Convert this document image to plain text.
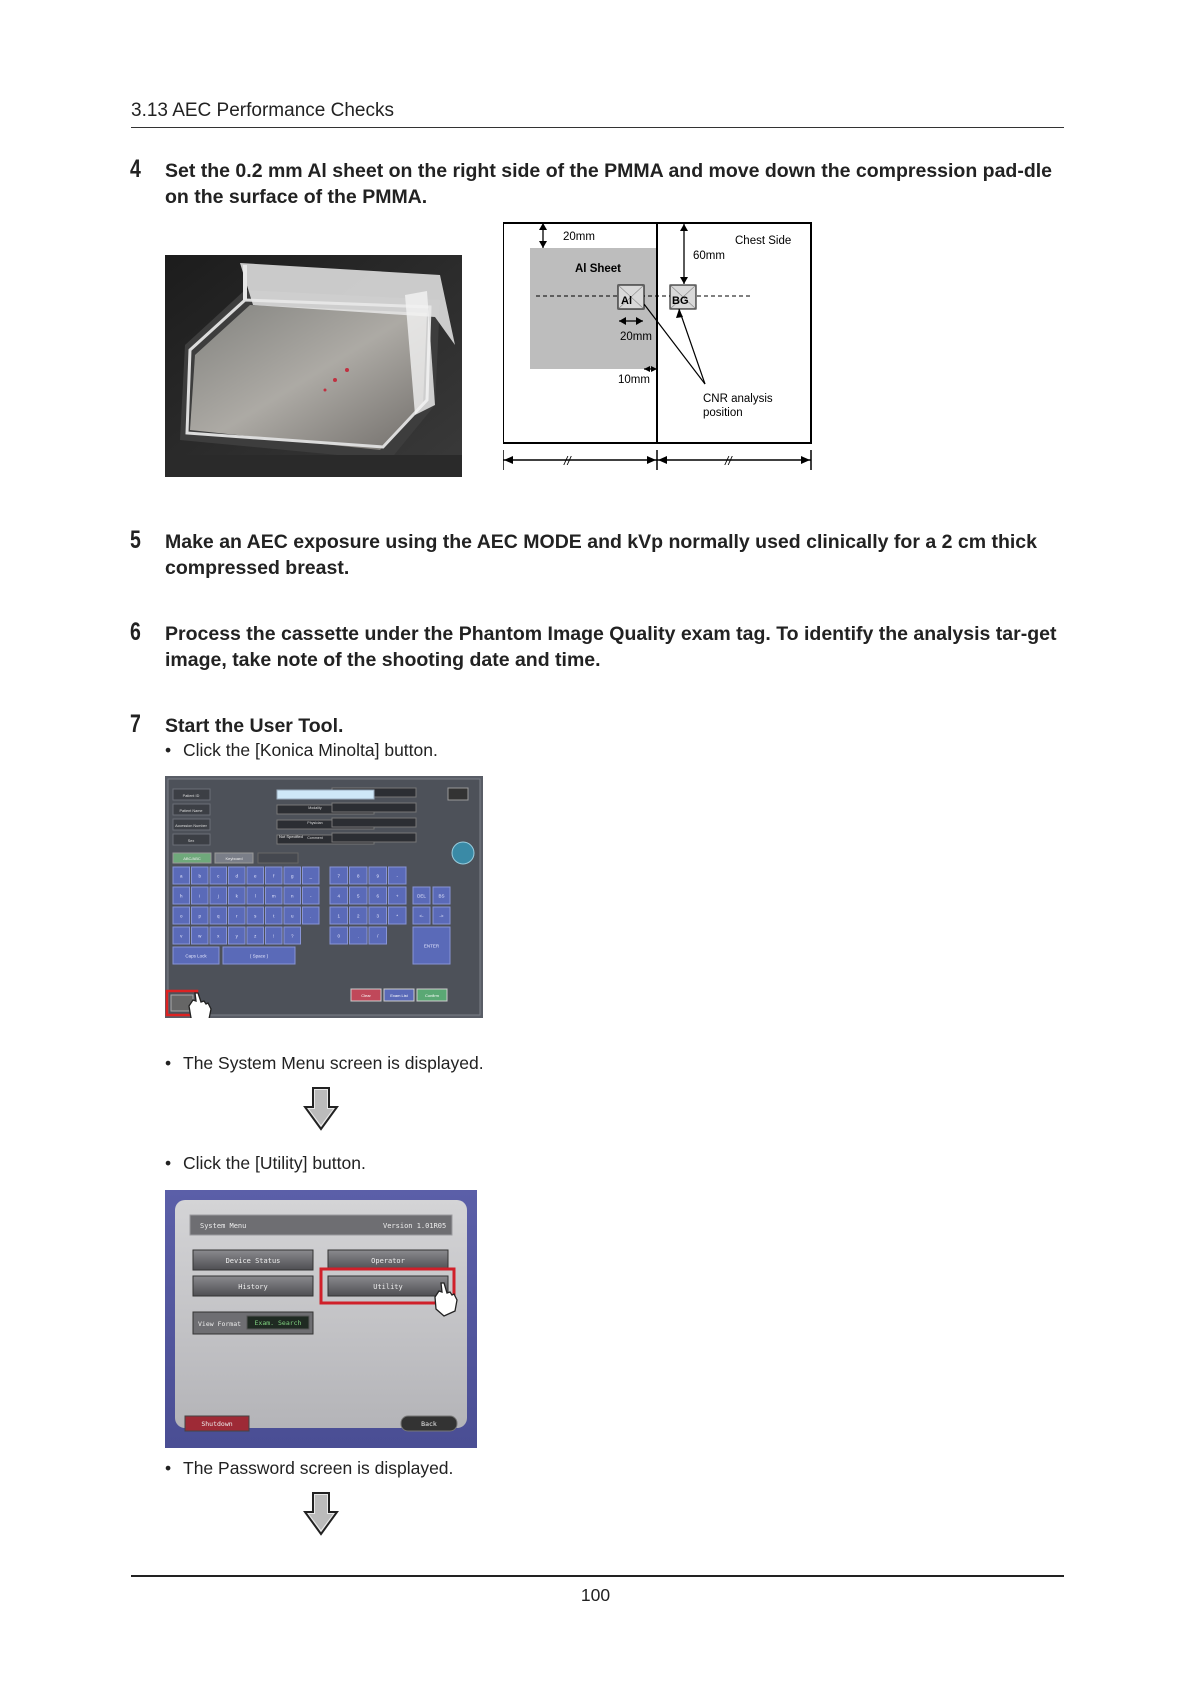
3.13 AEC Performance Checks
4 Set the 0.2 mm Al sheet on the right side of the PMMA and move down the compression pad-dle on the surface of the PMMA.
//	//
20mm	Chest Side
60mm
Al Sheet
Al	BG
20mm
10mm
CNR analysis
position
5 Make an AEC exposure using the AEC MODE and kVp normally used clinically for a 2 cm thick compressed breast.
6 Process the cassette under the Phantom Image Quality exam tag. To identify the analysis tar-get image, take note of the shooting date and time.
7 Start the User Tool.
• Click the [Konica Minolta] button.
Patient ID
Patient Name
Accession Number
Sex
Not Specified
Modality
Physician
Comment
ABC/ABC	Keyboard
a	b	c	d	e	f	g	_
h	i	j	k	l	m	n	-
o	p	q	r	s	t	u	.
v	w	x	y	z	!	?
7	8	9	-
4	5	6	+
1	2	3	*
0	.	/
Caps Lock	( Space )
DEL	BS
<-	->
ENTER
Clear	Exam List	Confirm
• The System Menu screen is displayed.
• Click the [Utility] button.
System Menu	Version 1.01R05
Device Status	Operator
History	Utility
View Format Exam. Search
Shutdown	Back
• The Password screen is displayed.
100
